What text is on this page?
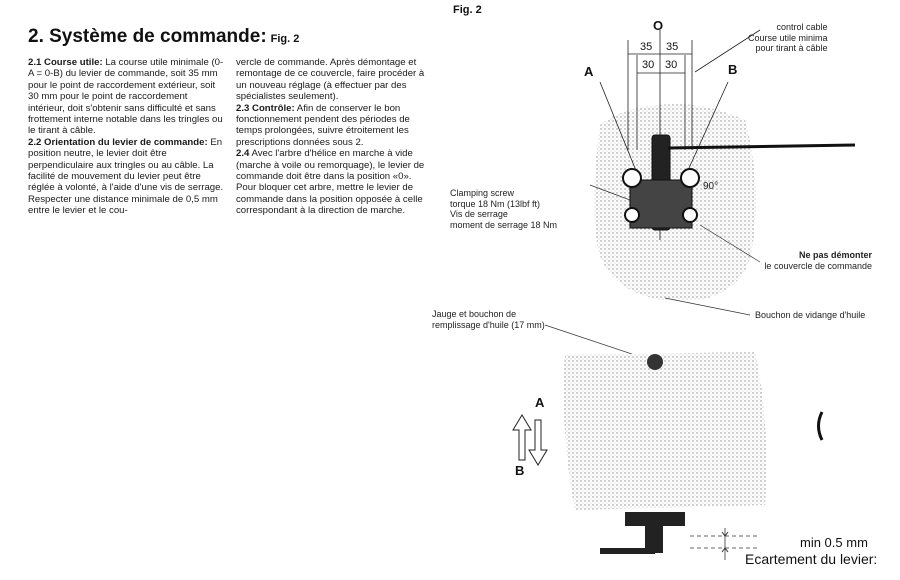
2. Système de commande: Fig. 2
Fig. 2

2.1 Course utile: La course utile minimale (0-A = 0-B) du levier de commande, soit 35 mm pour le point de raccordement extérieur, soit 30 mm pour le point de raccordement intérieur, doit s'obtenir sans difficulté et sans frottement interne notable dans les tringles ou le tirant à câble.

2.2 Orientation du levier de commande: En position neutre, le levier doit être perpendiculaire aux tringles ou au câble. La facilité de mouvement du levier peut être réglée à volonté, à l'aide d'une vis de serrage. Respecter une distance minimale de 0,5 mm entre le levier et le cou-

vercle de commande. Après démontage et remontage de ce couvercle, faire procéder à un nouveau réglage (à effectuer par des spécialistes seulement).

2.3 Contrôle: Afin de conserver le bon fonctionnement pendent des périodes de temps prolongées, suivre étroitement les prescriptions données sous 2.

2.4 Avec l'arbre d'hélice en marche à vide (marche à voile ou remorquage), le levier de commande doit être dans la position «0». Pour bloquer cet arbre, mettre le levier de commande dans la position opposée à celle correspondant à la direction de marche.

O
A	B
35 35
30 30
90°
control cable
Course utile minima
pour tirant à câble
Clamping screw
torque 18 Nm (13lbf ft)
Vis de serrage
moment de serrage 18 Nm
Ne pas démonter
le couvercle de commande
Bouchon de vidange d'huile
Jauge et bouchon de
remplissage d'huile (17 mm)
A
B
min 0.5 mm
Ecartement du levier:
